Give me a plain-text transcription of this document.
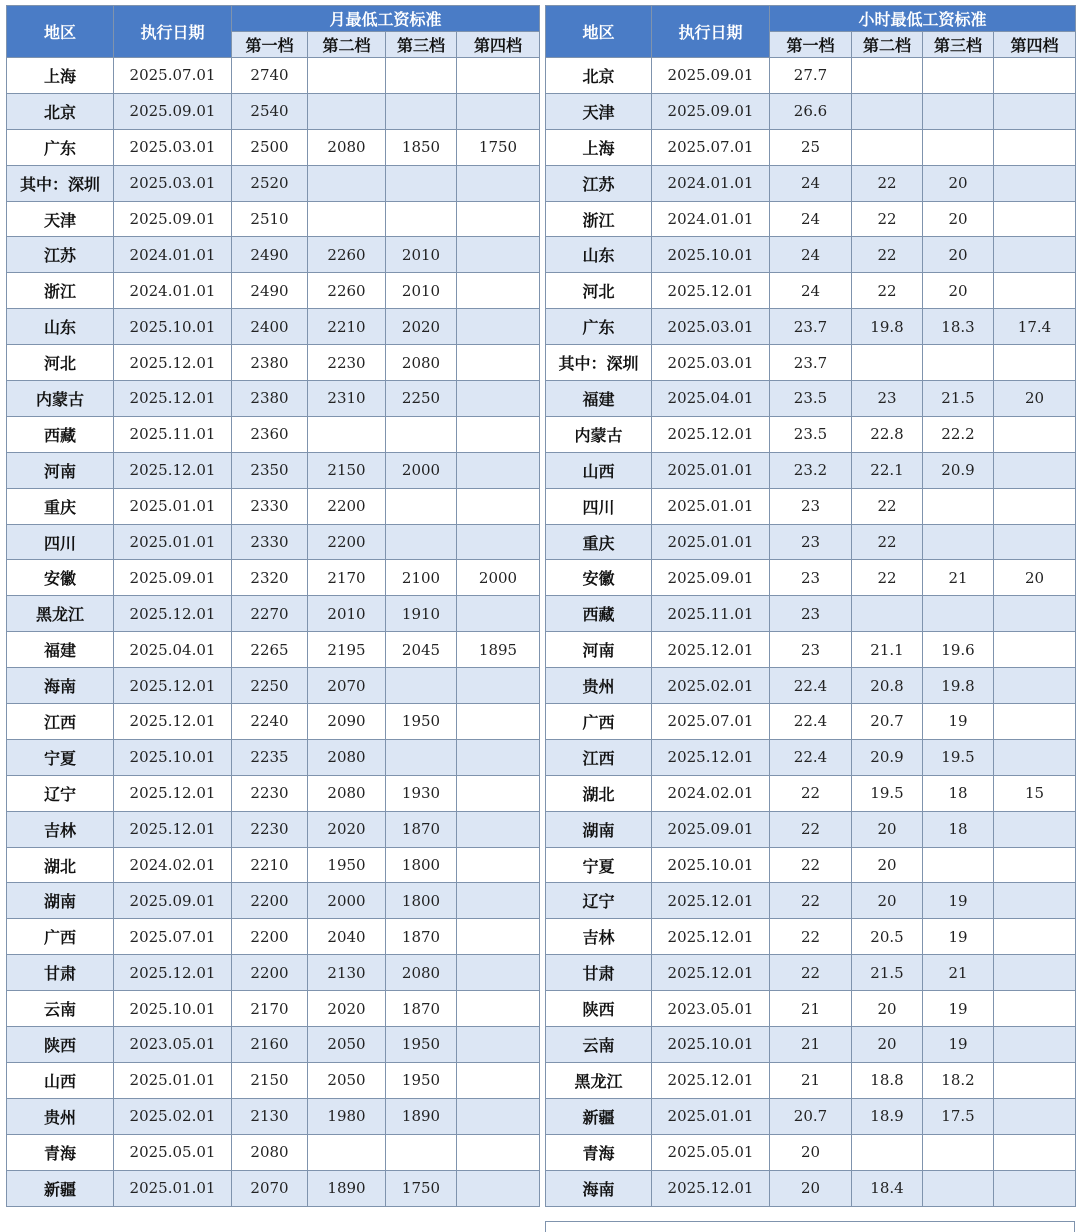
地区	执行日期	月最低工资标准			
		第一档	第二档	第三档	第四档
上海	2025.07.01	2740			
北京	2025.09.01	2540			
广东	2025.03.01	2500	2080	1850	1750
其中：深圳	2025.03.01	2520			
天津	2025.09.01	2510			
江苏	2024.01.01	2490	2260	2010	
浙江	2024.01.01	2490	2260	2010	
山东	2025.10.01	2400	2210	2020	
河北	2025.12.01	2380	2230	2080	
内蒙古	2025.12.01	2380	2310	2250	
西藏	2025.11.01	2360			
河南	2025.12.01	2350	2150	2000	
重庆	2025.01.01	2330	2200		
四川	2025.01.01	2330	2200		
安徽	2025.09.01	2320	2170	2100	2000
黑龙江	2025.12.01	2270	2010	1910	
福建	2025.04.01	2265	2195	2045	1895
海南	2025.12.01	2250	2070		
江西	2025.12.01	2240	2090	1950	
宁夏	2025.10.01	2235	2080		
辽宁	2025.12.01	2230	2080	1930	
吉林	2025.12.01	2230	2020	1870	
湖北	2024.02.01	2210	1950	1800	
湖南	2025.09.01	2200	2000	1800	
广西	2025.07.01	2200	2040	1870	
甘肃	2025.12.01	2200	2130	2080	
云南	2025.10.01	2170	2020	1870	
陕西	2023.05.01	2160	2050	1950	
山西	2025.01.01	2150	2050	1950	
贵州	2025.02.01	2130	1980	1890	
青海	2025.05.01	2080			
新疆	2025.01.01	2070	1890	1750	
地区	执行日期	小时最低工资标准			
		第一档	第二档	第三档	第四档
北京	2025.09.01	27.7			
天津	2025.09.01	26.6			
上海	2025.07.01	25			
江苏	2024.01.01	24	22	20	
浙江	2024.01.01	24	22	20	
山东	2025.10.01	24	22	20	
河北	2025.12.01	24	22	20	
广东	2025.03.01	23.7	19.8	18.3	17.4
其中：深圳	2025.03.01	23.7			
福建	2025.04.01	23.5	23	21.5	20
内蒙古	2025.12.01	23.5	22.8	22.2	
山西	2025.01.01	23.2	22.1	20.9	
四川	2025.01.01	23	22		
重庆	2025.01.01	23	22		
安徽	2025.09.01	23	22	21	20
西藏	2025.11.01	23			
河南	2025.12.01	23	21.1	19.6	
贵州	2025.02.01	22.4	20.8	19.8	
广西	2025.07.01	22.4	20.7	19	
江西	2025.12.01	22.4	20.9	19.5	
湖北	2024.02.01	22	19.5	18	15
湖南	2025.09.01	22	20	18	
宁夏	2025.10.01	22	20		
辽宁	2025.12.01	22	20	19	
吉林	2025.12.01	22	20.5	19	
甘肃	2025.12.01	22	21.5	21	
陕西	2023.05.01	21	20	19	
云南	2025.10.01	21	20	19	
黑龙江	2025.12.01	21	18.8	18.2	
新疆	2025.01.01	20.7	18.9	17.5	
青海	2025.05.01	20			
海南	2025.12.01	20	18.4		
